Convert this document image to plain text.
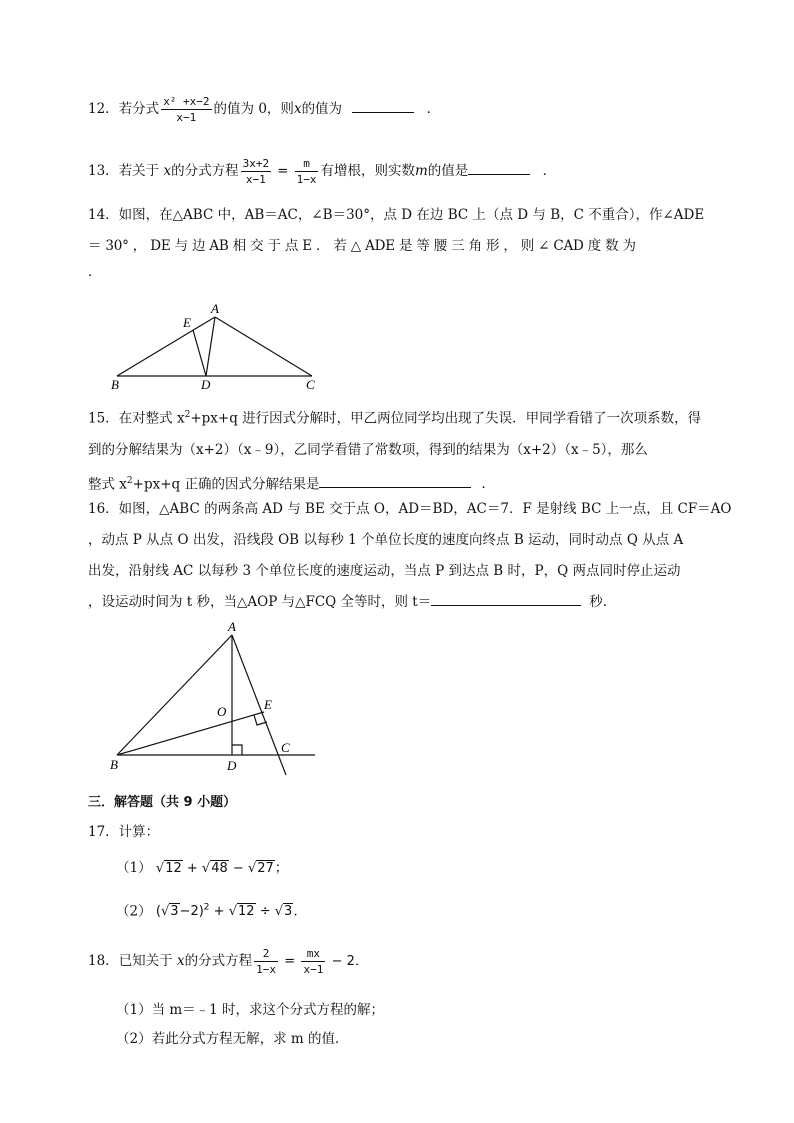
12．若分式 $\frac{\text{x² +x−2}}{x-1}$ 的值为 0，则x的值为	．
13．若关于 x的分式方程 $\frac{3x+2}{x-1} = \frac{m}{1-x}$ 有增根，则实数m的值是	．
14．如图，在△ABC 中，AB＝AC，∠B＝30°，点 D 在边 BC 上（点 D 与 B，C 不重合），作∠ADE
＝ 30° ， DE 与 边 AB 相 交 于 点 E ． 若 △ ADE 是 等 腰 三 角 形 ， 则 ∠ CAD 度 数 为
．
A
B	C
D
E
15．在对整式 $x^2+px+q$ 进行因式分解时，甲乙两位同学均出现了失误．甲同学看错了一次项系数，得
到的分解结果为（x+2）（x﹣9），乙同学看错了常数项，得到的结果为（x+2）（x﹣5），那么
整式 $x^2+px+q$ 正确的因式分解结果是	．
16．如图，△ABC 的两条高 AD 与 BE 交于点 O，AD＝BD，AC＝7．F 是射线 BC 上一点，且 CF＝AO
，动点 P 从点 O 出发，沿线段 OB 以每秒 1 个单位长度的速度向终点 B 运动，同时动点 Q 从点 A
出发，沿射线 AC 以每秒 3 个单位长度的速度运动，当点 P 到达点 B 时，P，Q 两点同时停止运动
，设运动时间为 t 秒，当△AOP 与△FCQ 全等时，则 t＝	秒．
A
B
C
D
E
O
三．解答题（共 9 小题）
17．计算：
（1） √12 + √48 − √27；
（2） $(√3-2)^2 + √12 \div √3$.
18．已知关于 x的分式方程 $\frac{2}{1-x} = \frac{mx}{x-1} - 2$．
（1）当 m＝﹣1 时，求这个分式方程的解；
（2）若此分式方程无解，求 m 的值．
